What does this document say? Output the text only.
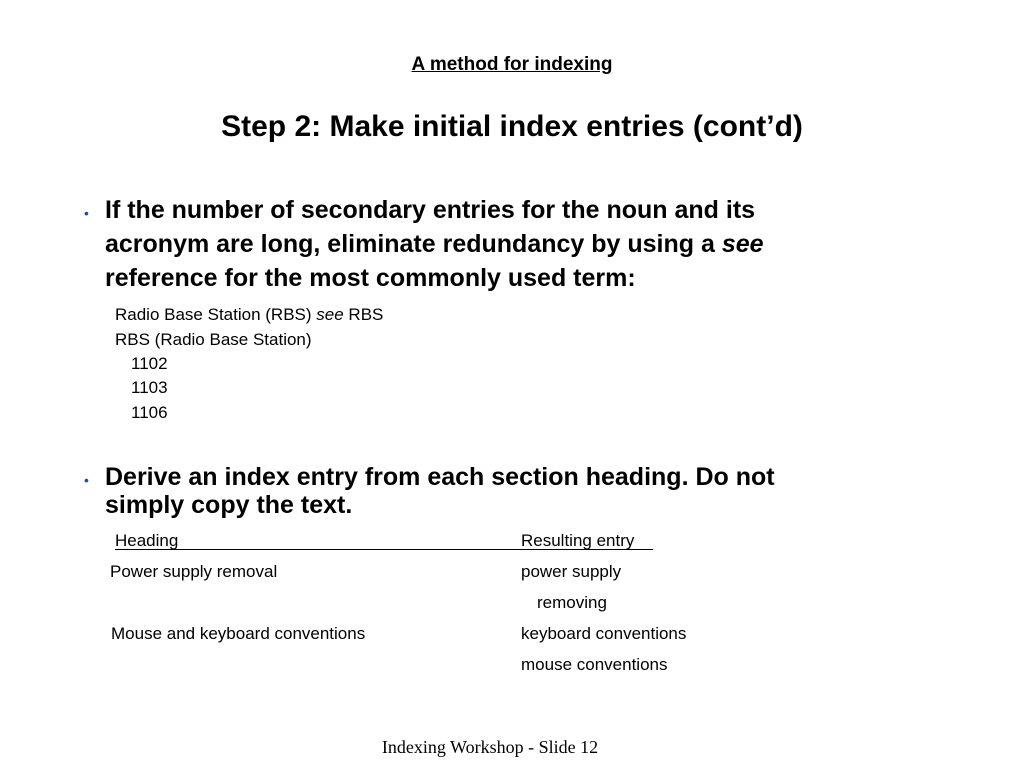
A method for indexing
Step 2: Make initial index entries (cont’d)
• If the number of secondary entries for the noun and its
acronym are long, eliminate redundancy by using a see
reference for the most commonly used term:
Radio Base Station (RBS) see RBS
RBS (Radio Base Station)
1102
1103
1106
• Derive an index entry from each section heading. Do not
simply copy the text.
Heading	Resulting entry
Power supply removal	power supply
removing
Mouse and keyboard conventions	keyboard conventions
mouse conventions
Indexing Workshop - Slide 12
